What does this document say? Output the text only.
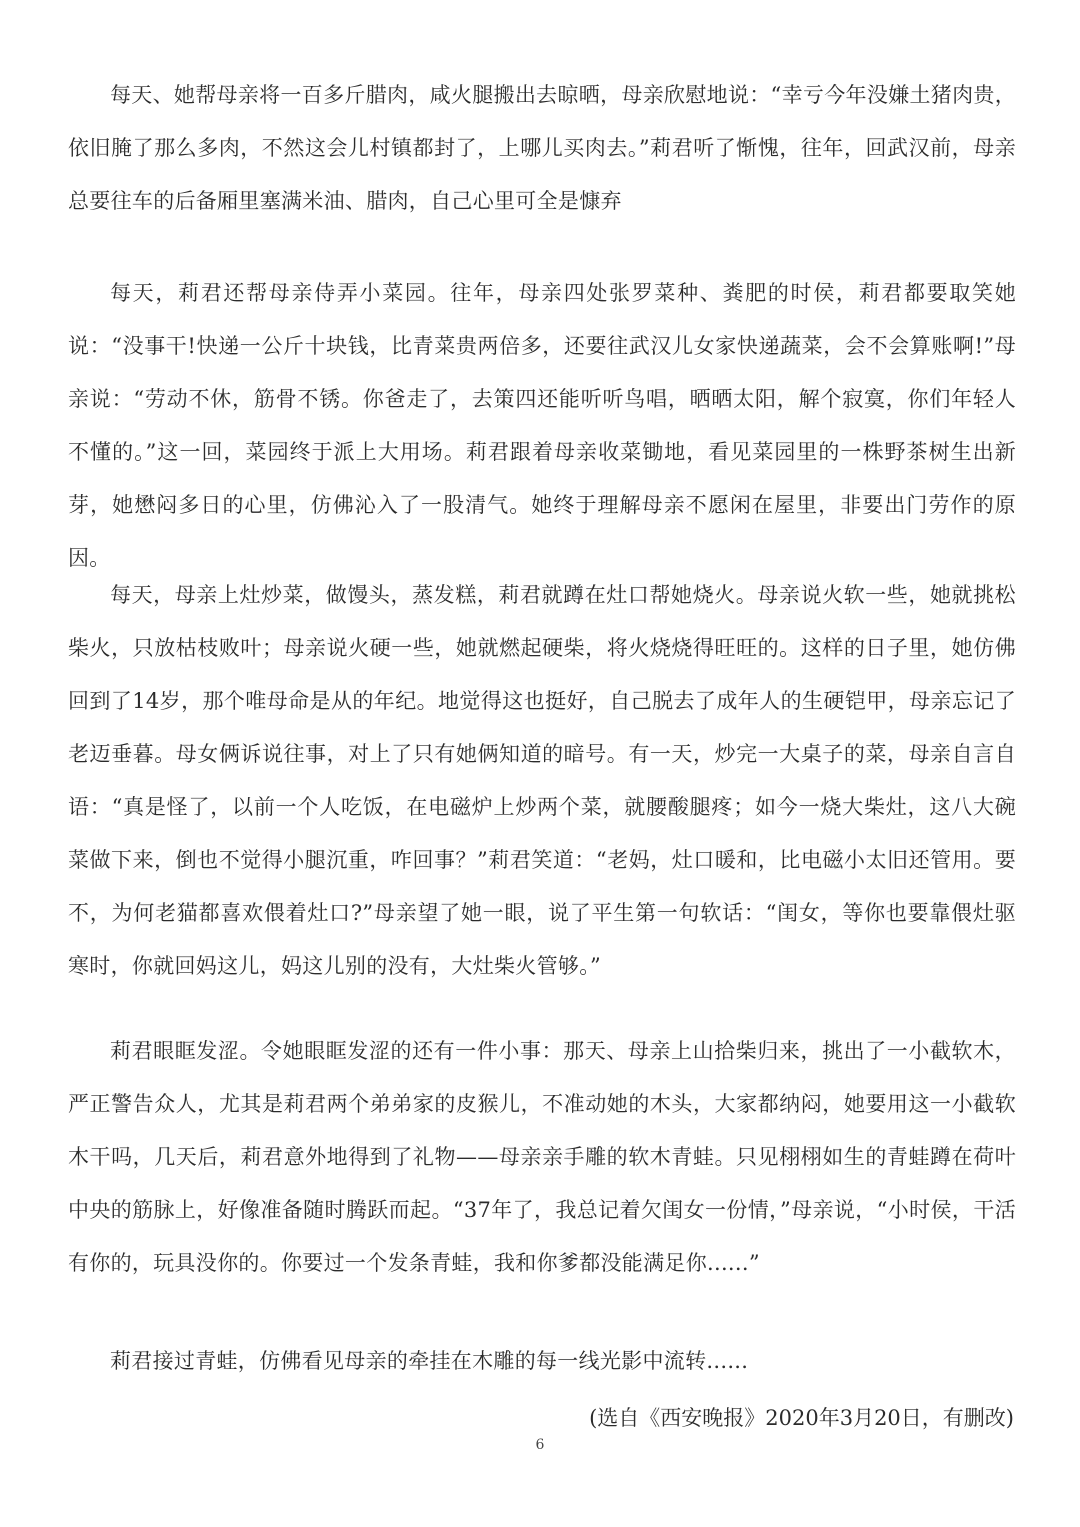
每天、她帮母亲将一百多斤腊肉，咸火腿搬出去晾晒，母亲欣慰地说：“幸亏今年没嫌土猪肉贵，依旧腌了那么多肉，不然这会儿村镇都封了，上哪儿买肉去。”莉君听了惭愧，往年，回武汉前，母亲总要往车的后备厢里塞满米油、腊肉，自己心里可全是慷弃

每天，莉君还帮母亲侍弄小菜园。往年，母亲四处张罗菜种、粪肥的时侯，莉君都要取笑她说：“没事干!快递一公斤十块钱，比青菜贵两倍多，还要往武汉儿女家快递蔬菜，会不会算账啊!”母亲说：“劳动不休，筋骨不锈。你爸走了，去策四还能听听鸟唱，晒晒太阳，解个寂寞，你们年轻人不懂的。”这一回，菜园终于派上大用场。莉君跟着母亲收菜锄地，看见菜园里的一株野茶树生出新芽，她懋闷多日的心里，仿佛沁入了一股清气。她终于理解母亲不愿闲在屋里，非要出门劳作的原因。

每天，母亲上灶炒菜，做馒头，蒸发糕，莉君就蹲在灶口帮她烧火。母亲说火软一些，她就挑松柴火，只放枯枝败叶；母亲说火硬一些，她就燃起硬柴，将火烧烧得旺旺的。这样的日子里，她仿佛回到了14岁，那个唯母命是从的年纪。地觉得这也挺好，自己脱去了成年人的生硬铠甲，母亲忘记了老迈垂暮。母女俩诉说往事，对上了只有她俩知道的暗号。有一天，炒完一大桌子的菜，母亲自言自语：“真是怪了，以前一个人吃饭，在电磁炉上炒两个菜，就腰酸腿疼；如今一烧大柴灶，这八大碗菜做下来，倒也不觉得小腿沉重，咋回事？”莉君笑道：“老妈，灶口暖和，比电磁小太旧还管用。要不，为何老猫都喜欢偎着灶口?”母亲望了她一眼，说了平生第一句软话：“闺女，等你也要靠偎灶驱寒时，你就回妈这儿，妈这儿别的没有，大灶柴火管够。”

莉君眼眶发涩。令她眼眶发涩的还有一件小事：那天、母亲上山拾柴归来，挑出了一小截软木，严正警告众人，尤其是莉君两个弟弟家的皮猴儿，不准动她的木头，大家都纳闷，她要用这一小截软木干吗，几天后，莉君意外地得到了礼物——母亲亲手雕的软木青蛙。只见栩栩如生的青蛙蹲在荷叶中央的筋脉上，好像准备随时腾跃而起。“37年了，我总记着欠闺女一份情，”母亲说，“小时侯，干活有你的，玩具没你的。你要过一个发条青蛙，我和你爹都没能满足你......”

莉君接过青蛙，仿佛看见母亲的牵挂在木雕的每一线光影中流转......

(选自《西安晚报》2020年3月20日，有删改)

6
